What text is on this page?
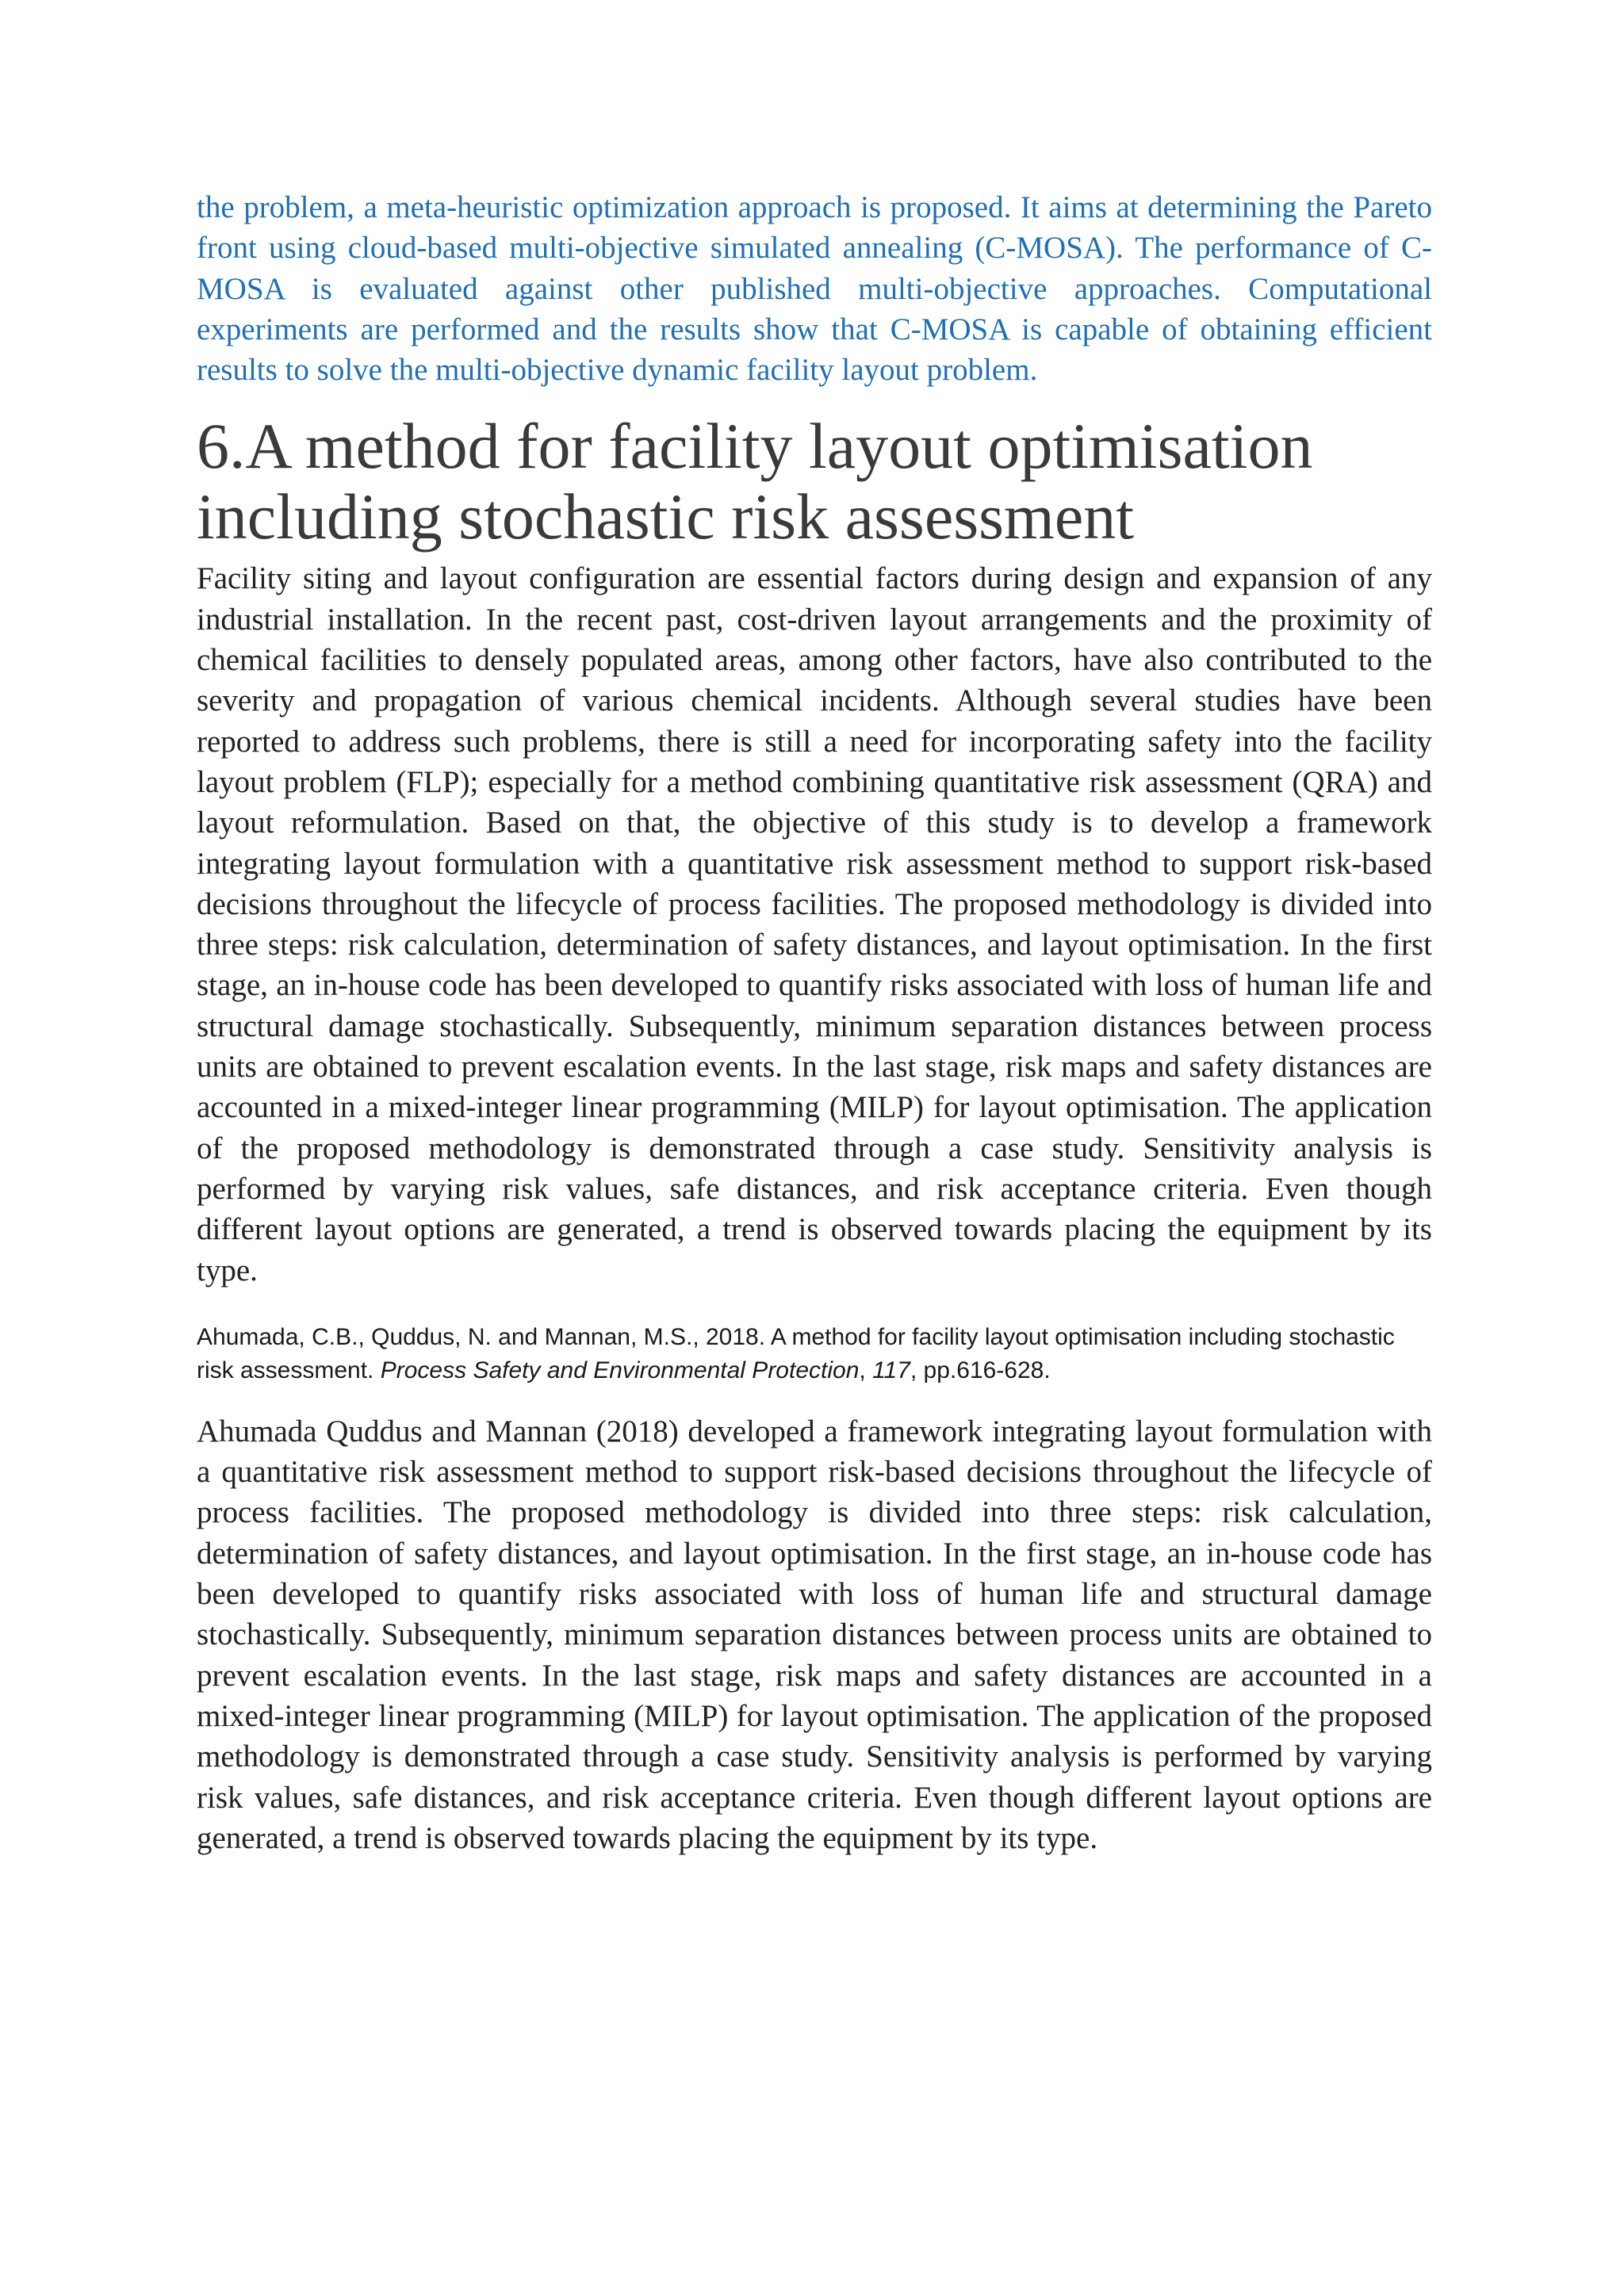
the problem, a meta-heuristic optimization approach is proposed. It aims at determining the Pareto front using cloud-based multi-objective simulated annealing (C-MOSA). The performance of C-MOSA is evaluated against other published multi-objective approaches. Computational experiments are performed and the results show that C-MOSA is capable of obtaining efficient results to solve the multi-objective dynamic facility layout problem.

6.A method for facility layout optimisation including stochastic risk assessment

Facility siting and layout configuration are essential factors during design and expansion of any industrial installation. In the recent past, cost-driven layout arrangements and the proximity of chemical facilities to densely populated areas, among other factors, have also contributed to the severity and propagation of various chemical incidents. Although several studies have been reported to address such problems, there is still a need for incorporating safety into the facility layout problem (FLP); especially for a method combining quantitative risk assessment (QRA) and layout reformulation. Based on that, the objective of this study is to develop a framework integrating layout formulation with a quantitative risk assessment method to support risk-based decisions throughout the lifecycle of process facilities. The proposed methodology is divided into three steps: risk calculation, determination of safety distances, and layout optimisation. In the first stage, an in-house code has been developed to quantify risks associated with loss of human life and structural damage stochastically. Subsequently, minimum separation distances between process units are obtained to prevent escalation events. In the last stage, risk maps and safety distances are accounted in a mixed-integer linear programming (MILP) for layout optimisation. The application of the proposed methodology is demonstrated through a case study. Sensitivity analysis is performed by varying risk values, safe distances, and risk acceptance criteria. Even though different layout options are generated, a trend is observed towards placing the equipment by its type.

Ahumada, C.B., Quddus, N. and Mannan, M.S., 2018. A method for facility layout optimisation including stochastic risk assessment. Process Safety and Environmental Protection, 117, pp.616-628.

Ahumada Quddus and Mannan (2018) developed a framework integrating layout formulation with a quantitative risk assessment method to support risk-based decisions throughout the lifecycle of process facilities. The proposed methodology is divided into three steps: risk calculation, determination of safety distances, and layout optimisation. In the first stage, an in-house code has been developed to quantify risks associated with loss of human life and structural damage stochastically. Subsequently, minimum separation distances between process units are obtained to prevent escalation events. In the last stage, risk maps and safety distances are accounted in a mixed-integer linear programming (MILP) for layout optimisation. The application of the proposed methodology is demonstrated through a case study. Sensitivity analysis is performed by varying risk values, safe distances, and risk acceptance criteria. Even though different layout options are generated, a trend is observed towards placing the equipment by its type.
